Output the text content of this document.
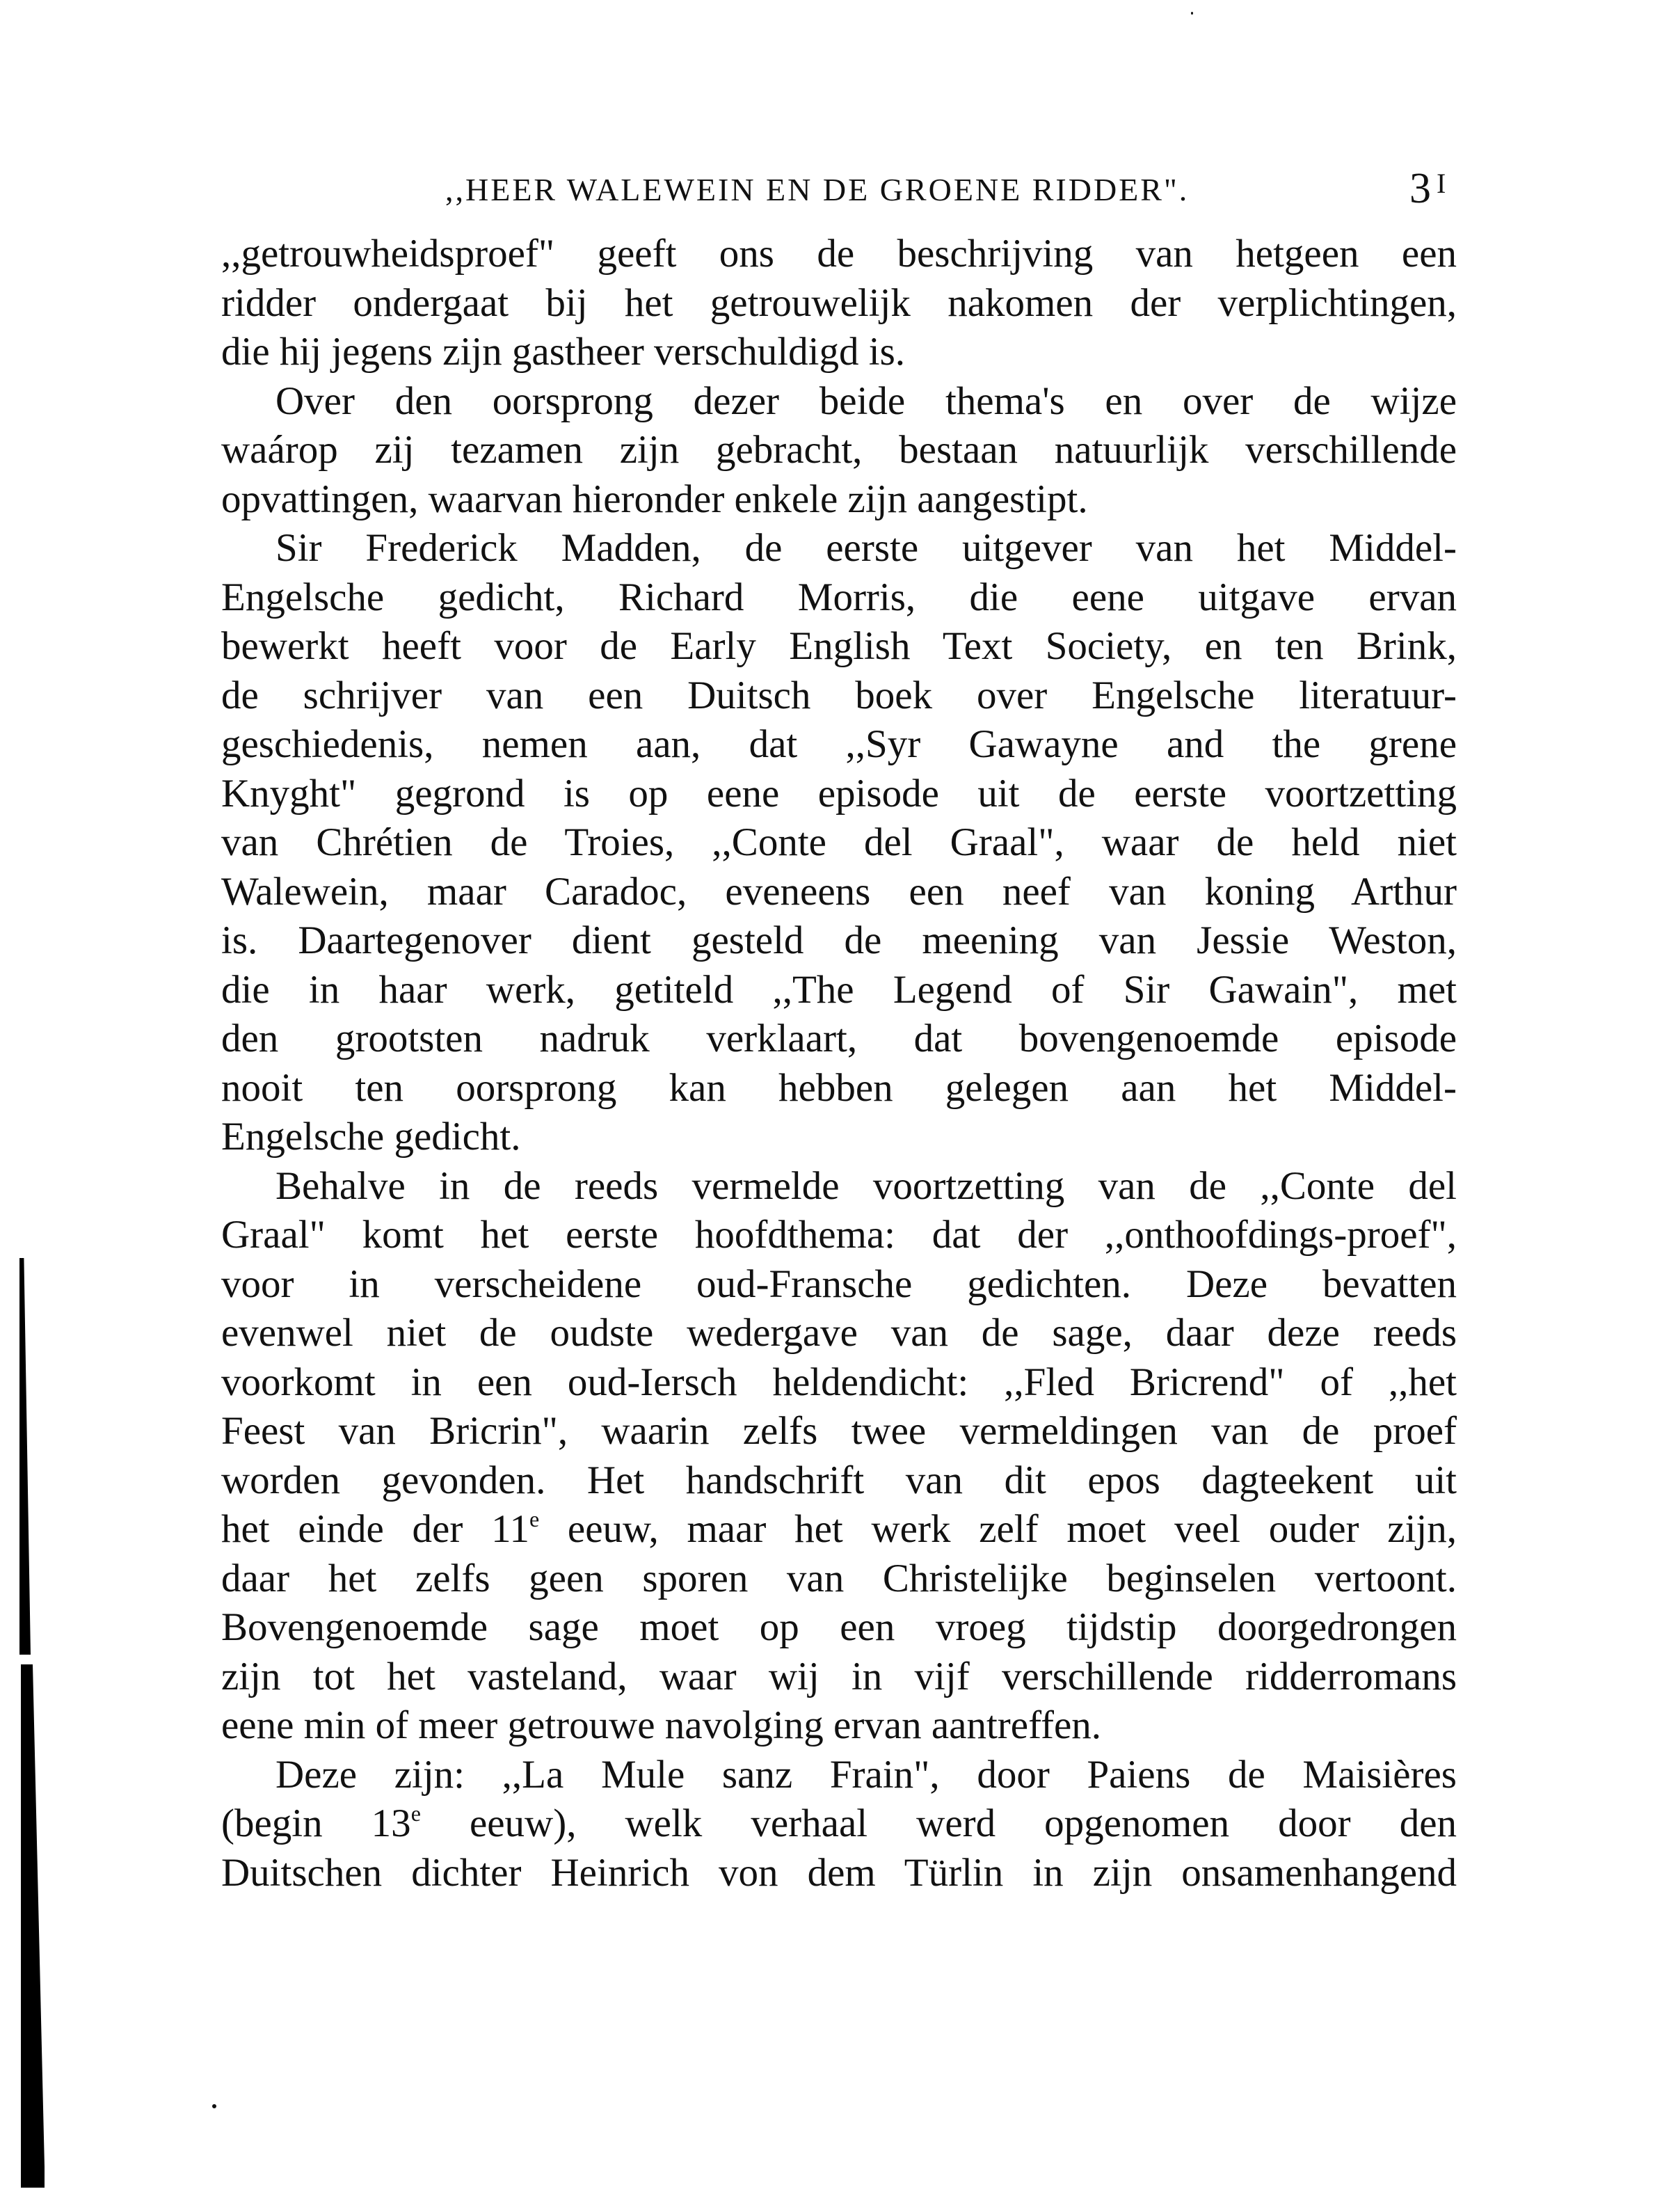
,,HEER WALEWEIN EN DE GROENE RIDDER".	3 $^I$
,,getrouwheidsproef" geeft ons de beschrijving van hetgeen een
ridder ondergaat bij het getrouwelijk nakomen der verplichtingen,
die hij jegens zijn gastheer verschuldigd is.
Over den oorsprong dezer beide thema's en over de wijze
waárop zij tezamen zijn gebracht, bestaan natuurlijk verschillende
opvattingen, waarvan hieronder enkele zijn aangestipt.
Sir Frederick Madden, de eerste uitgever van het Middel-
Engelsche gedicht, Richard Morris, die eene uitgave ervan
bewerkt heeft voor de Early English Text Society, en ten Brink,
de schrijver van een Duitsch boek over Engelsche literatuur-
geschiedenis, nemen aan, dat ,,Syr Gawayne and the grene
Knyght" gegrond is op eene episode uit de eerste voortzetting
van Chrétien de Troies, ,,Conte del Graal", waar de held niet
Walewein, maar Caradoc, eveneens een neef van koning Arthur
is. Daartegenover dient gesteld de meening van Jessie Weston,
die in haar werk, getiteld ,,The Legend of Sir Gawain", met
den grootsten nadruk verklaart, dat bovengenoemde episode
nooit ten oorsprong kan hebben gelegen aan het Middel-
Engelsche gedicht.
Behalve in de reeds vermelde voortzetting van de ,,Conte del
Graal" komt het eerste hoofdthema: dat der ,,onthoofdings-proef",
voor in verscheidene oud-Fransche gedichten. Deze bevatten
evenwel niet de oudste wedergave van de sage, daar deze reeds
voorkomt in een oud-Iersch heldendicht: ,,Fled Bricrend" of ,,het
Feest van Bricrin", waarin zelfs twee vermeldingen van de proef
worden gevonden. Het handschrift van dit epos dagteekent uit
het einde der 11e eeuw, maar het werk zelf moet veel ouder zijn,
daar het zelfs geen sporen van Christelijke beginselen vertoont.
Bovengenoemde sage moet op een vroeg tijdstip doorgedrongen
zijn tot het vasteland, waar wij in vijf verschillende ridderromans
eene min of meer getrouwe navolging ervan aantreffen.
Deze zijn: ,,La Mule sanz Frain", door Paiens de Maisières
(begin 13e eeuw), welk verhaal werd opgenomen door den
Duitschen dichter Heinrich von dem Türlin in zijn onsamenhangend
